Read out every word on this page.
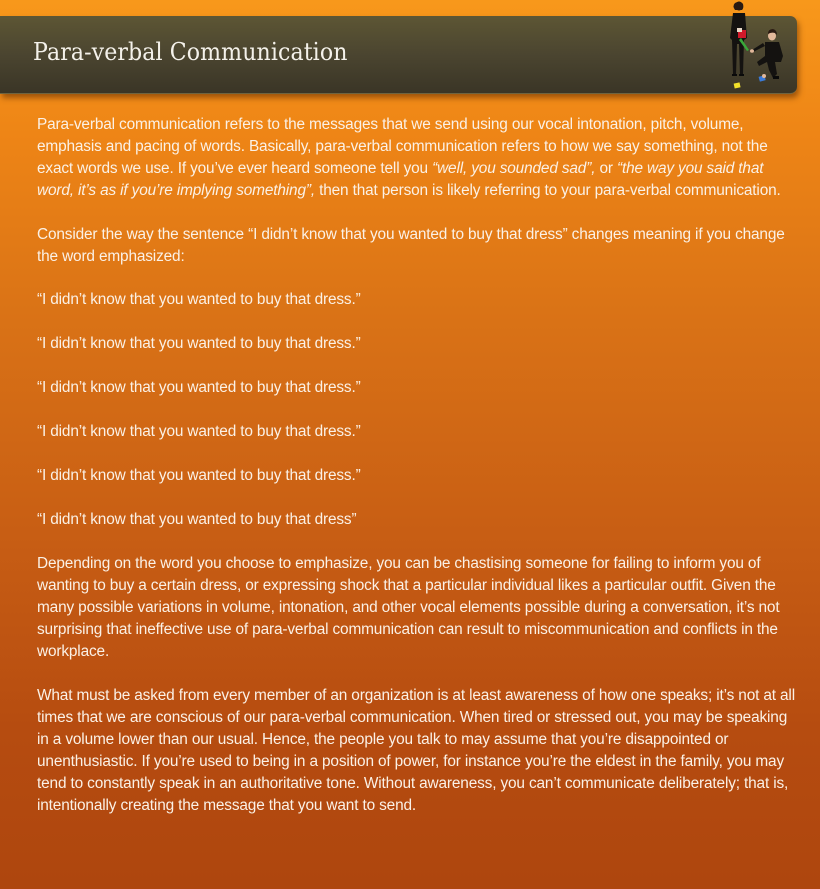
Para-verbal Communication

Para-verbal communication refers to the messages that we send using our vocal intonation, pitch, volume, emphasis and pacing of words. Basically, para-verbal communication refers to how we say something, not the exact words we use. If you’ve ever heard someone tell you “well, you sounded sad”, or “the way you said that word, it’s as if you’re implying something”, then that person is likely referring to your para-verbal communication.

Consider the way the sentence “I didn’t know that you wanted to buy that dress” changes meaning if you change the word emphasized:

“I didn’t know that you wanted to buy that dress.”

“I didn’t know that you wanted to buy that dress.”

“I didn’t know that you wanted to buy that dress.”

“I didn’t know that you wanted to buy that dress.”

“I didn’t know that you wanted to buy that dress.”

“I didn’t know that you wanted to buy that dress”

Depending on the word you choose to emphasize, you can be chastising someone for failing to inform you of wanting to buy a certain dress, or expressing shock that a particular individual likes a particular outfit. Given the many possible variations in volume, intonation, and other vocal elements possible during a conversation, it’s not surprising that ineffective use of para-verbal communication can result to miscommunication and conflicts in the workplace.

What must be asked from every member of an organization is at least awareness of how one speaks; it’s not at all times that we are conscious of our para-verbal communication. When tired or stressed out, you may be speaking in a volume lower than our usual. Hence, the people you talk to may assume that you’re disappointed or unenthusiastic. If you’re used to being in a position of power, for instance you’re the eldest in the family, you may tend to constantly speak in an authoritative tone. Without awareness, you can’t communicate deliberately; that is, intentionally creating the message that you want to send.
